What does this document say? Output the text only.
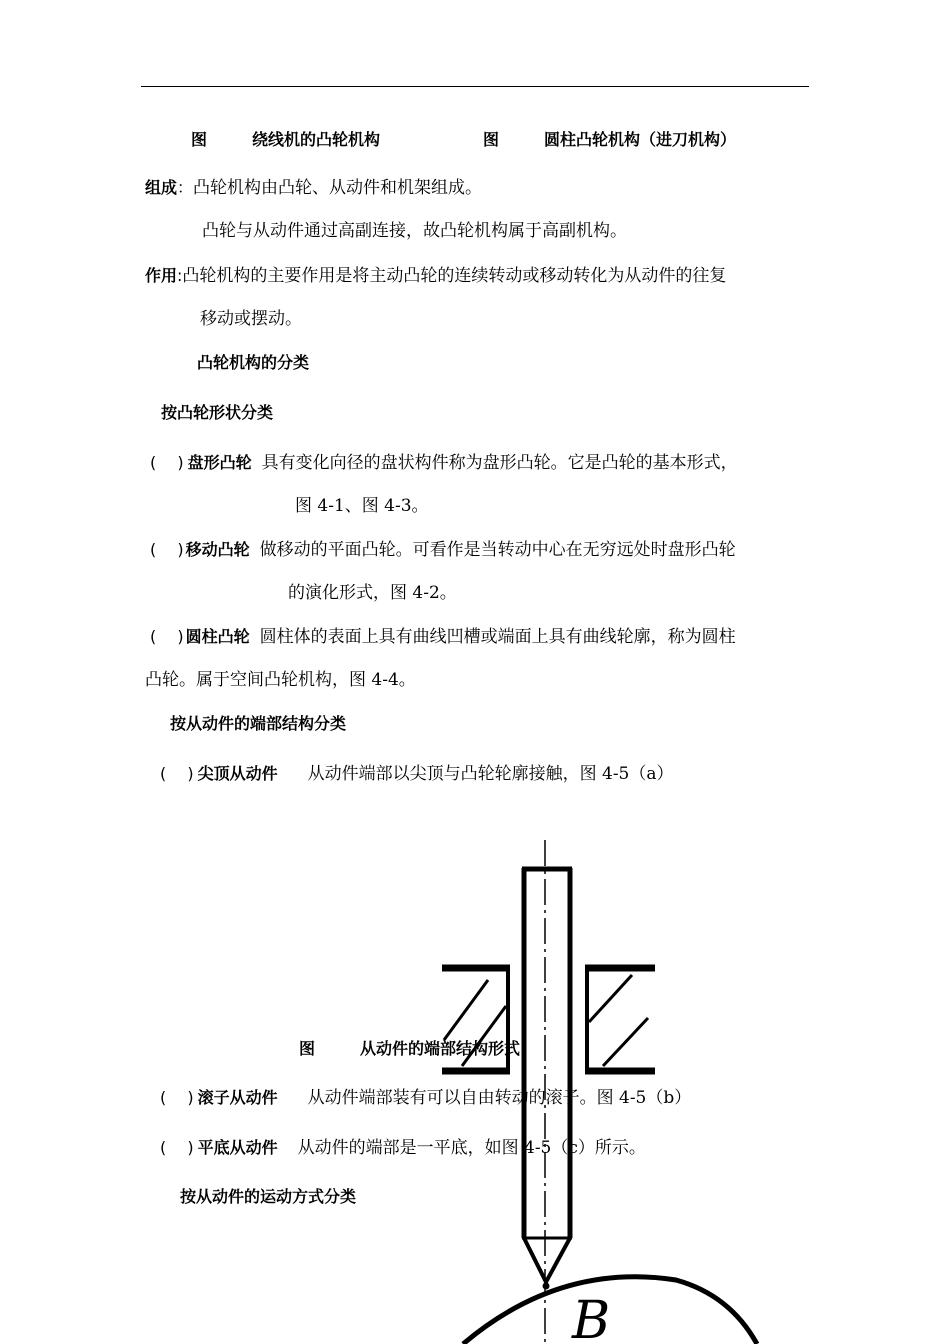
图	绕线机的凸轮机构	图	圆柱凸轮机构（进刀机构）
组成：凸轮机构由凸轮、从动件和机架组成。
凸轮与从动件通过高副连接，故凸轮机构属于高副机构。
作用:凸轮机构的主要作用是将主动凸轮的连续转动或移动转化为从动件的往复
移动或摆动。
凸轮机构的分类
按凸轮形状分类
(　 ) 盘形凸轮 具有变化向径的盘状构件称为盘形凸轮。它是凸轮的基本形式，
图 4-1、图 4-3。
(　 ) 移动凸轮 做移动的平面凸轮。可看作是当转动中心在无穷远处时盘形凸轮
的演化形式，图 4-2。
(　 ) 圆柱凸轮 圆柱体的表面上具有曲线凹槽或端面上具有曲线轮廓，称为圆柱
凸轮。属于空间凸轮机构，图 4-4。
按从动件的端部结构分类
(　 ) 尖顶从动件 从动件端部以尖顶与凸轮轮廓接触，图 4-5（a）
B
图	从动件的端部结构形式
(　 ) 滚子从动件 从动件端部装有可以自由转动的滚子。图 4-5（b）
(　 ) 平底从动件 从动件的端部是一平底，如图 4-5（c）所示。
按从动件的运动方式分类
